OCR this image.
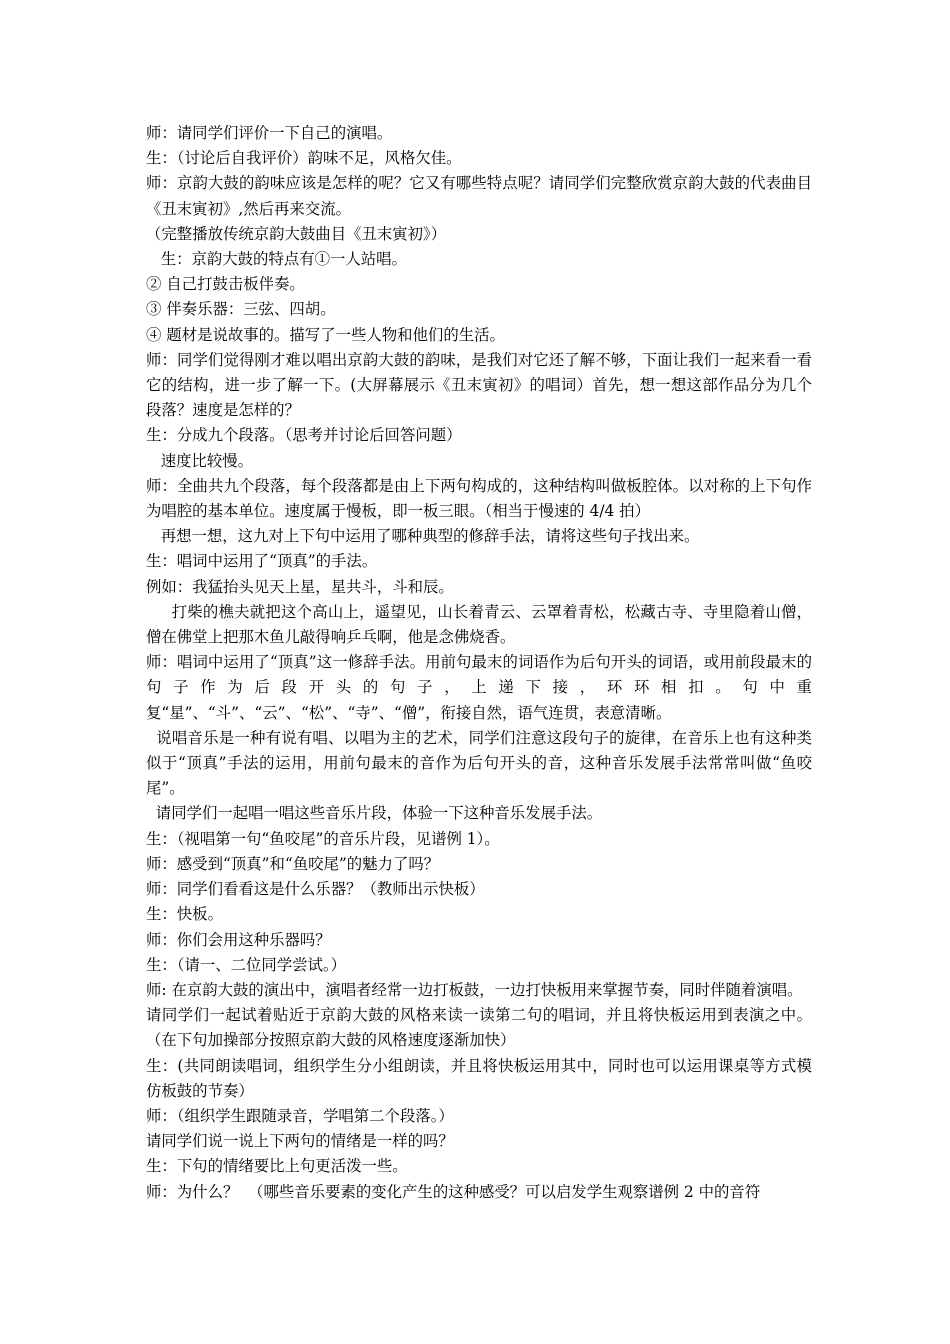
师：请同学们评价一下自己的演唱。

生：（讨论后自我评价）韵味不足，风格欠佳。

师：京韵大鼓的韵味应该是怎样的呢？它又有哪些特点呢？请同学们完整欣赏京韵大鼓的代表曲目《丑末寅初》,然后再来交流。

（完整播放传统京韵大鼓曲目《丑末寅初》）

生：京韵大鼓的特点有①一人站唱。

② 自己打鼓击板伴奏。

③ 伴奏乐器：三弦、四胡。

④ 题材是说故事的。描写了一些人物和他们的生活。

师：同学们觉得刚才难以唱出京韵大鼓的韵味，是我们对它还了解不够，下面让我们一起来看一看它的结构，进一步了解一下。(大屏幕展示《丑末寅初》的唱词）首先，想一想这部作品分为几个段落？速度是怎样的？

生：分成九个段落。（思考并讨论后回答问题）

速度比较慢。

师：全曲共九个段落，每个段落都是由上下两句构成的，这种结构叫做板腔体。以对称的上下句作为唱腔的基本单位。速度属于慢板，即一板三眼。（相当于慢速的 4/4 拍）

再想一想，这九对上下句中运用了哪种典型的修辞手法，请将这些句子找出来。

生：唱词中运用了“顶真”的手法。

例如：我猛抬头见天上星，星共斗，斗和辰。

打柴的樵夫就把这个高山上，遥望见，山长着青云、云罩着青松，松藏古寺、寺里隐着山僧，僧在佛堂上把那木鱼儿敲得响乒乓啊，他是念佛烧香。

师：唱词中运用了“顶真”这一修辞手法。用前句最末的词语作为后句开头的词语，或用前段最末的句子作为后段开头的句子，上递下接，环环相扣。句中重复“星”、“斗”、“云”、“松”、“寺”、“僧”，衔接自然，语气连贯，表意清晰。

说唱音乐是一种有说有唱、以唱为主的艺术，同学们注意这段句子的旋律，在音乐上也有这种类似于“顶真”手法的运用，用前句最末的音作为后句开头的音，这种音乐发展手法常常叫做“鱼咬尾”。

请同学们一起唱一唱这些音乐片段，体验一下这种音乐发展手法。

生：（视唱第一句“鱼咬尾”的音乐片段，见谱例 1）。

师：感受到“顶真”和“鱼咬尾”的魅力了吗？

师：同学们看看这是什么乐器？（教师出示快板）

生：快板。

师：你们会用这种乐器吗？

生：（请一、二位同学尝试。）

师: 在京韵大鼓的演出中，演唱者经常一边打板鼓，一边打快板用来掌握节奏，同时伴随着演唱。

请同学们一起试着贴近于京韵大鼓的风格来读一读第二句的唱词，并且将快板运用到表演之中。（在下句加操部分按照京韵大鼓的风格速度逐渐加快）

生：(共同朗读唱词，组织学生分小组朗读，并且将快板运用其中，同时也可以运用课桌等方式模仿板鼓的节奏）

师：（组织学生跟随录音，学唱第二个段落。）

请同学们说一说上下两句的情绪是一样的吗？

生：下句的情绪要比上句更活泼一些。

师：为什么？  （哪些音乐要素的变化产生的这种感受？可以启发学生观察谱例 2 中的音符
